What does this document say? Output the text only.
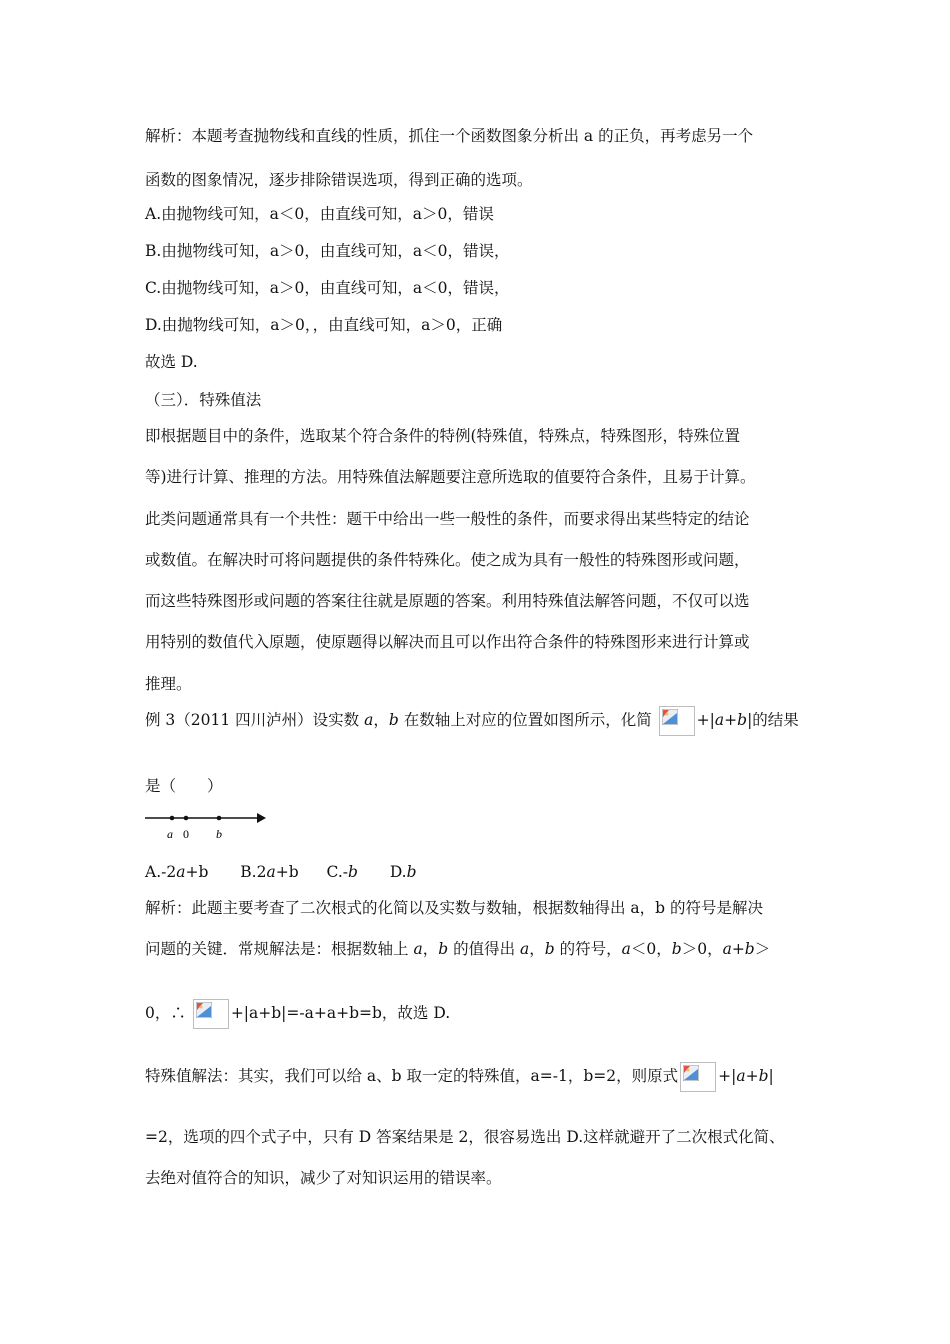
解析：本题考查抛物线和直线的性质，抓住一个函数图象分析出 a 的正负，再考虑另一个
函数的图象情况，逐步排除错误选项，得到正确的选项。
A.由抛物线可知，a＜0，由直线可知，a＞0，错误
B.由抛物线可知，a＞0，由直线可知，a＜0，错误，
C.由抛物线可知，a＞0，由直线可知，a＜0，错误，
D.由抛物线可知，a＞0，，由直线可知，a＞0，正确
故选 D.
（三）．特殊值法
即根据题目中的条件，选取某个符合条件的特例(特殊值，特殊点，特殊图形，特殊位置
等)进行计算、推理的方法。用特殊值法解题要注意所选取的值要符合条件，且易于计算。
此类问题通常具有一个共性：题干中给出一些一般性的条件，而要求得出某些特定的结论
或数值。在解决时可将问题提供的条件特殊化。使之成为具有一般性的特殊图形或问题，
而这些特殊图形或问题的答案往往就是原题的答案。利用特殊值法解答问题，不仅可以选
用特别的数值代入原题，使原题得以解决而且可以作出符合条件的特殊图形来进行计算或
推理。
例 3（2011 四川泸州）设实数 a，b 在数轴上对应的位置如图所示，化简	+|a+b|的结果
是（　　）
a 0 b
A.-2a+b B.2a+b C.-b D.b
解析：此题主要考查了二次根式的化简以及实数与数轴，根据数轴得出 a，b 的符号是解决
问题的关键．常规解法是：根据数轴上 a，b 的值得出 a，b 的符号，a＜0，b＞0，a+b＞
0，∴	+|a+b|=-a+a+b=b，故选 D.
特殊值解法：其实，我们可以给 a、b 取一定的特殊值，a=-1，b=2，则原式	+|a+b|
=2，选项的四个式子中，只有 D 答案结果是 2，很容易选出 D.这样就避开了二次根式化简、
去绝对值符合的知识，减少了对知识运用的错误率。
